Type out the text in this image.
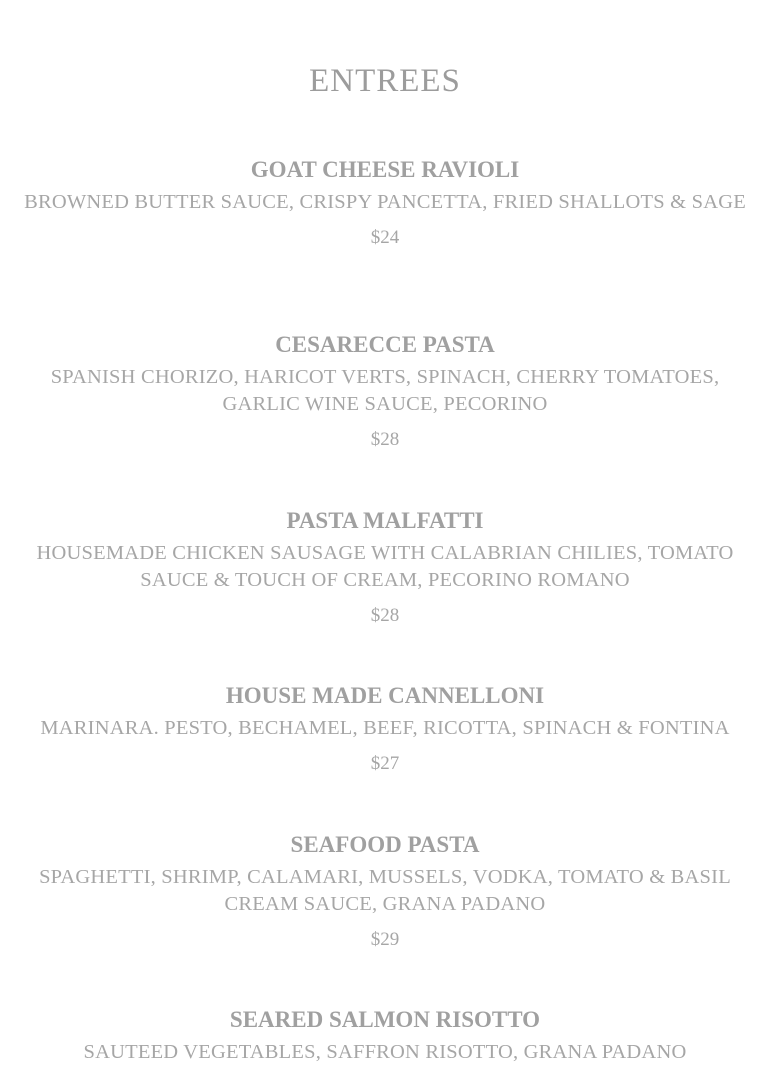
ENTREES
GOAT CHEESE RAVIOLI
BROWNED BUTTER SAUCE, CRISPY PANCETTA, FRIED SHALLOTS & SAGE
$24
CESARECCE PASTA
SPANISH CHORIZO, HARICOT VERTS, SPINACH, CHERRY TOMATOES, GARLIC WINE SAUCE, PECORINO
$28
PASTA MALFATTI
HOUSEMADE CHICKEN SAUSAGE WITH CALABRIAN CHILIES, TOMATO SAUCE & TOUCH OF CREAM, PECORINO ROMANO
$28
HOUSE MADE CANNELLONI
MARINARA. PESTO, BECHAMEL, BEEF, RICOTTA, SPINACH & FONTINA
$27
SEAFOOD PASTA
SPAGHETTI, SHRIMP, CALAMARI, MUSSELS, VODKA, TOMATO & BASIL CREAM SAUCE, GRANA PADANO
$29
SEARED SALMON RISOTTO
SAUTEED VEGETABLES, SAFFRON RISOTTO, GRANA PADANO
